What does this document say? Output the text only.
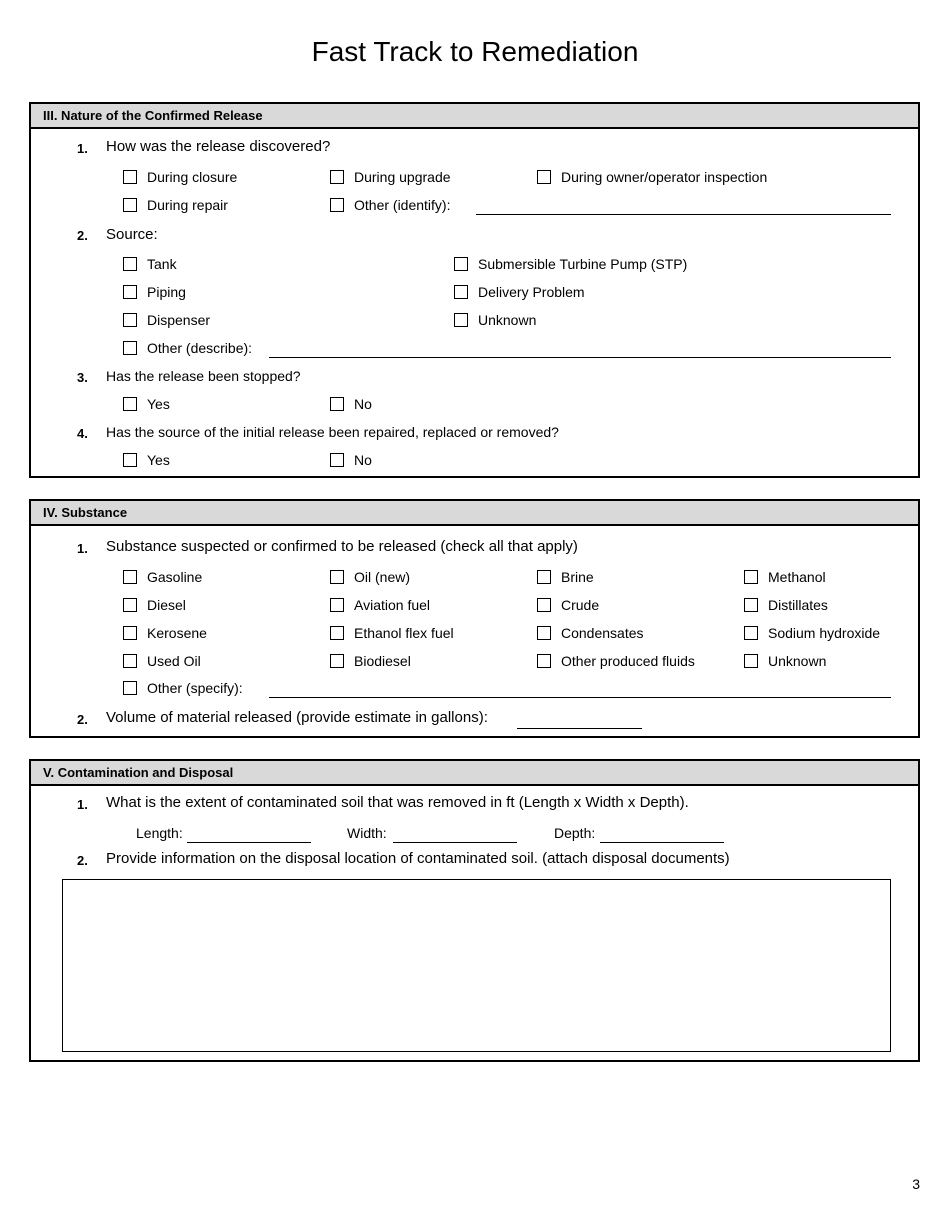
Fast Track to Remediation
III. Nature of the Confirmed Release
1. How was the release discovered?
During closure	During upgrade	During owner/operator inspection
During repair	Other (identify):
2. Source:
Tank	Submersible Turbine Pump (STP)
Piping	Delivery Problem
Dispenser	Unknown
Other (describe):
3. Has the release been stopped?
Yes	No
4. Has the source of the initial release been repaired, replaced or removed?
Yes	No
IV. Substance
1. Substance suspected or confirmed to be released (check all that apply)
Gasoline	Oil (new)	Brine	Methanol
Diesel	Aviation fuel	Crude	Distillates
Kerosene	Ethanol flex fuel	Condensates	Sodium hydroxide
Used Oil	Biodiesel	Other produced fluids	Unknown
Other (specify):
2. Volume of material released (provide estimate in gallons):
V. Contamination and Disposal
1. What is the extent of contaminated soil that was removed in ft (Length x Width x Depth).
Length:	Width:	Depth:
2. Provide information on the disposal location of contaminated soil. (attach disposal documents)
3
